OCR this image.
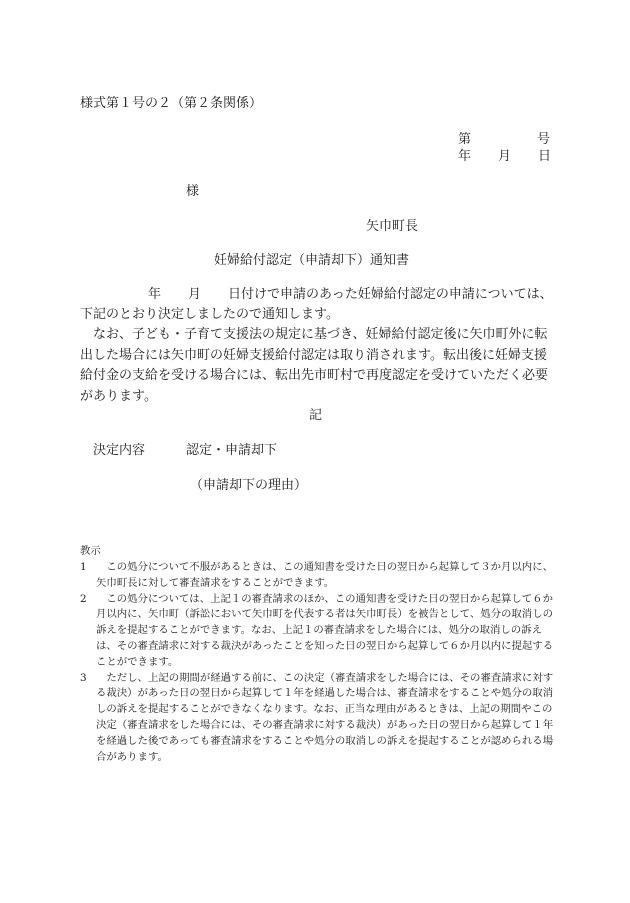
様式第１号の２（第２条関係）
第	号
年 月 日
様
矢巾町長
妊婦給付認定（申請却下）通知書
年 月 日付けで申請のあった妊婦給付認定の申請については、
下記のとおり決定しましたので通知します。
　なお、子ども・子育て支援法の規定に基づき、妊婦給付認定後に矢巾町外に転出した場合には矢巾町の妊婦支援給付認定は取り消されます。転出後に妊婦支援給付金の支給を受ける場合には、転出先市町村で再度認定を受けていただく必要があります。
記
決定内容	認定・申請却下
（申請却下の理由）
教示
1 　この処分について不服があるときは、この通知書を受けた日の翌日から起算して３か月以内に、矢巾町長に対して審査請求をすることができます。
2 　この処分については、上記１の審査請求のほか、この通知書を受けた日の翌日から起算して６か月以内に、矢巾町（訴訟において矢巾町を代表する者は矢巾町長）を被告として、処分の取消しの訴えを提起することができます。なお、上記１の審査請求をした場合には、処分の取消しの訴えは、その審査請求に対する裁決があったことを知った日の翌日から起算して６か月以内に提起することができます。
3 　ただし、上記の期間が経過する前に、この決定（審査請求をした場合には、その審査請求に対する裁決）があった日の翌日から起算して１年を経過した場合は、審査請求をすることや処分の取消しの訴えを提起することができなくなります。なお、正当な理由があるときは、上記の期間やこの決定（審査請求をした場合には、その審査請求に対する裁決）があった日の翌日から起算して１年を経過した後であっても審査請求をすることや処分の取消しの訴えを提起することが認められる場合があります。
